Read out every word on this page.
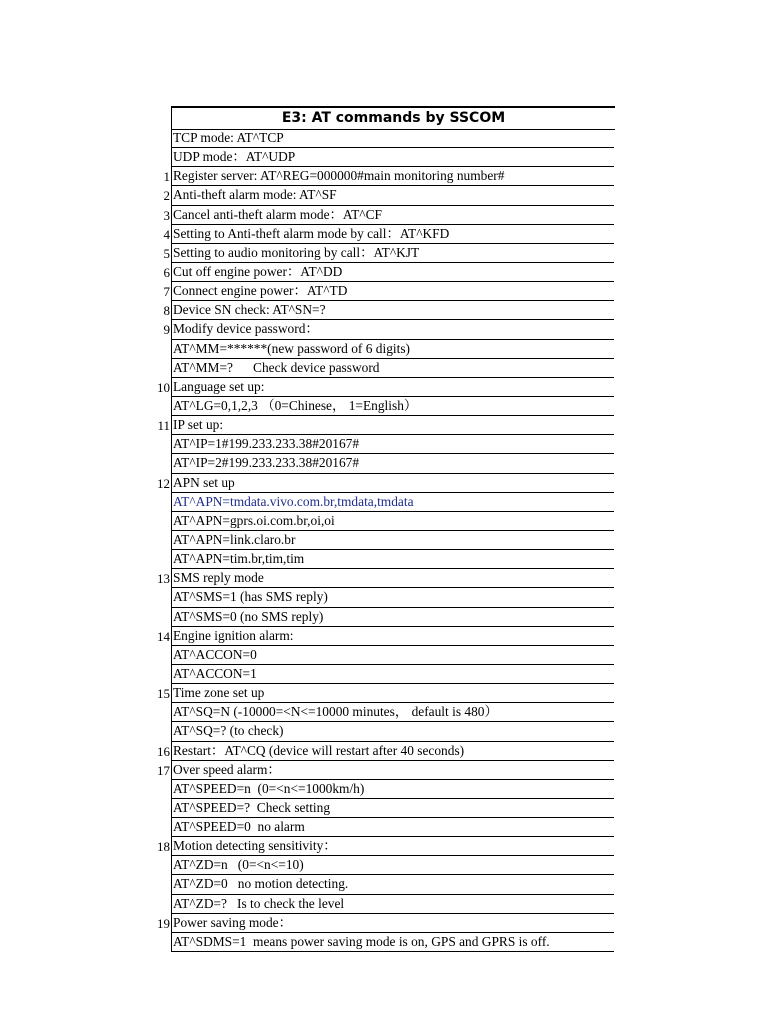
E3: AT commands by SSCOM
TCP mode: AT^TCP
UDP mode：AT^UDP
1 Register server: AT^REG=000000#main monitoring number#
2 Anti-theft alarm mode: AT^SF
3 Cancel anti-theft alarm mode：AT^CF
4 Setting to Anti-theft alarm mode by call：AT^KFD
5 Setting to audio monitoring by call：AT^KJT
6 Cut off engine power：AT^DD
7 Connect engine power：AT^TD
8 Device SN check: AT^SN=?
9 Modify device password：
AT^MM=******(new password of 6 digits)
AT^MM=?      Check device password
10 Language set up:
AT^LG=0,1,2,3 （0=Chinese， 1=English）
11 IP set up:
AT^IP=1#199.233.233.38#20167#
AT^IP=2#199.233.233.38#20167#
12 APN set up
AT^APN=tmdata.vivo.com.br,tmdata,tmdata
AT^APN=gprs.oi.com.br,oi,oi
AT^APN=link.claro.br
AT^APN=tim.br,tim,tim
13 SMS reply mode
AT^SMS=1 (has SMS reply)
AT^SMS=0 (no SMS reply)
14 Engine ignition alarm:
AT^ACCON=0
AT^ACCON=1
15 Time zone set up
AT^SQ=N (-10000=<N<=10000 minutes， default is 480）
AT^SQ=? (to check)
16 Restart：AT^CQ (device will restart after 40 seconds)
17 Over speed alarm：
AT^SPEED=n  (0=<n<=1000km/h)
AT^SPEED=?  Check setting
AT^SPEED=0  no alarm
18 Motion detecting sensitivity：
AT^ZD=n   (0=<n<=10)
AT^ZD=0   no motion detecting.
AT^ZD=?   Is to check the level
19 Power saving mode：
AT^SDMS=1  means power saving mode is on, GPS and GPRS is off.
